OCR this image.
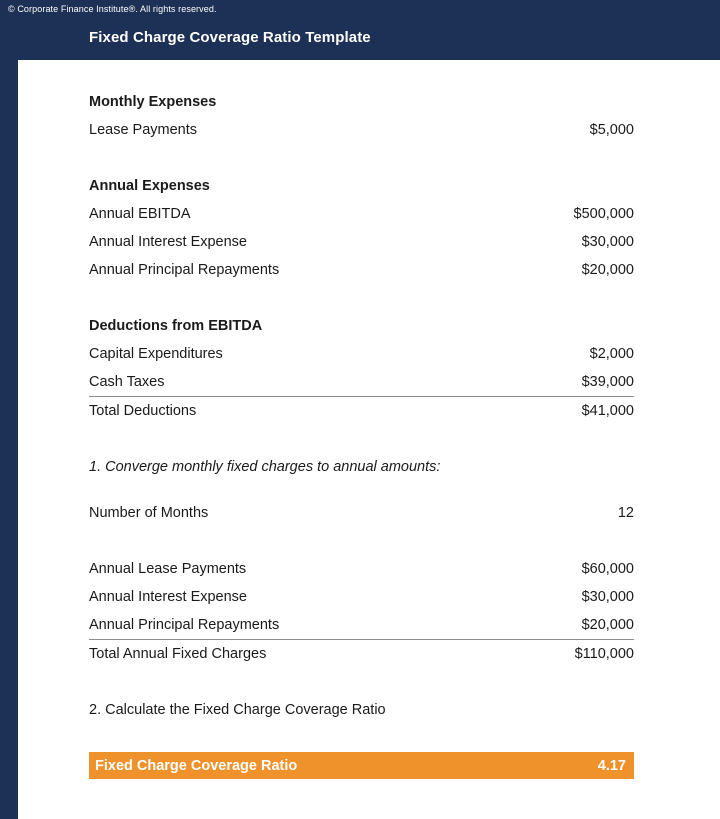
© Corporate Finance Institute®. All rights reserved.
Fixed Charge Coverage Ratio Template
Monthly Expenses
Lease Payments	$5,000
Annual Expenses
Annual EBITDA	$500,000
Annual Interest Expense	$30,000
Annual Principal Repayments	$20,000
Deductions from EBITDA
Capital Expenditures	$2,000
Cash Taxes	$39,000
Total Deductions	$41,000
1. Converge monthly fixed charges to annual amounts:
Number of Months	12
Annual Lease Payments	$60,000
Annual Interest Expense	$30,000
Annual Principal Repayments	$20,000
Total Annual Fixed Charges	$110,000
2. Calculate the Fixed Charge Coverage Ratio
Fixed Charge Coverage Ratio	4.17
